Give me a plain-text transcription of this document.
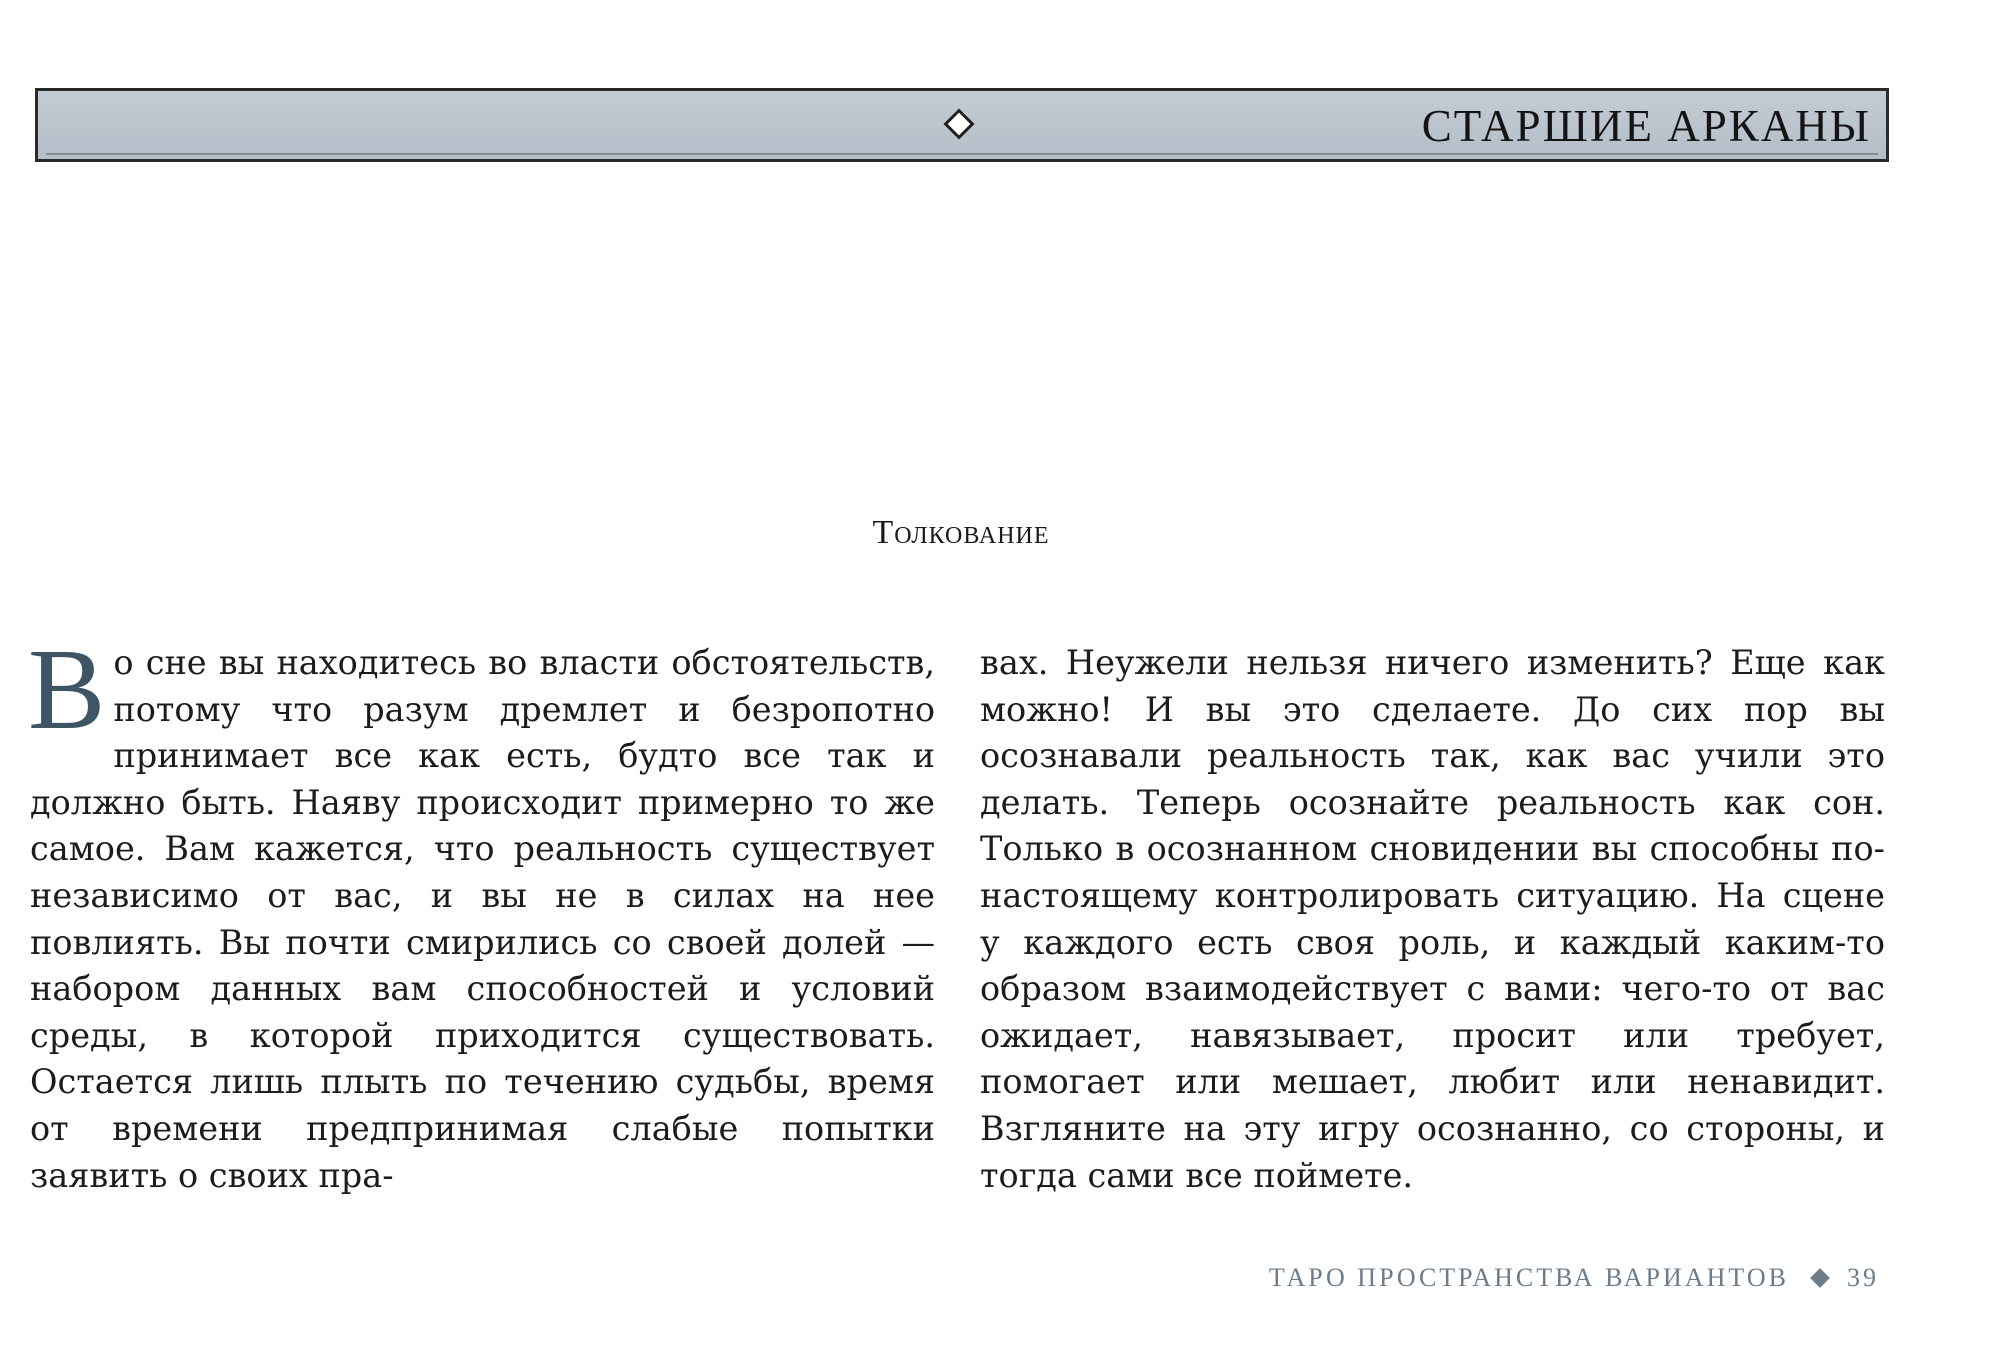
СТАРШИЕ АРКАНЫ
Толкование
Во сне вы находитесь во власти обстоятельств, потому что разум дремлет и безропотно принимает все как есть, будто все так и должно быть. Наяву происходит примерно то же самое. Вам кажется, что реальность существует независимо от вас, и вы не в силах на нее повлиять. Вы почти смирились со своей долей — набором данных вам способностей и условий среды, в которой приходится существовать. Остается лишь плыть по течению судьбы, время от времени предпринимая слабые попытки заявить о своих пра-
вах. Неужели нельзя ничего изменить? Еще как можно! И вы это сделаете. До сих пор вы осознавали реальность так, как вас учили это делать. Теперь осознайте реальность как сон. Только в осознанном сновидении вы способны по-настоящему контролировать ситуацию. На сцене у каждого есть своя роль, и каждый каким-то образом взаимодействует с вами: чего-то от вас ожидает, навязывает, просит или требует, помогает или мешает, любит или ненавидит. Взгляните на эту игру осознанно, со стороны, и тогда сами все поймете.
ТАРО ПРОСТРАНСТВА ВАРИАНТОВ 39
